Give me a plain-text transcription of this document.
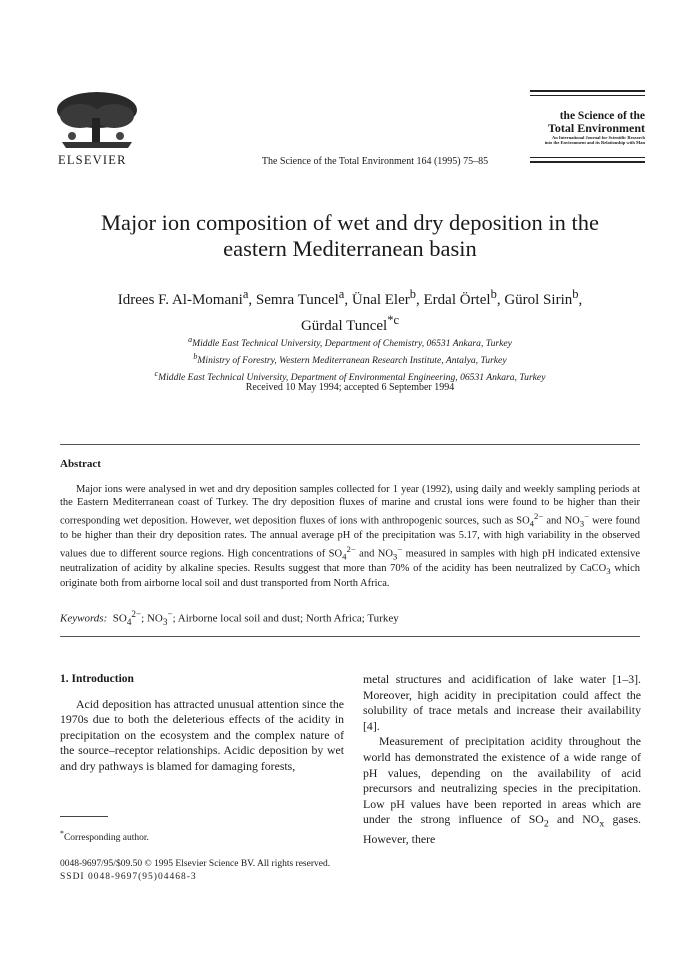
ELSEVIER	The Science of the Total Environment 164 (1995) 75–85
the Science of the
Total Environment
An International Journal for Scientific Research
into the Environment and its Relationship with Man
Major ion composition of wet and dry deposition in the eastern Mediterranean basin
Idrees F. Al-Momani$^a$, Semra Tuncel$^a$, Ünal Eler$^b$, Erdal Örtel$^b$, Gürol Sirin$^b$,
Gürdal Tuncel$^{*c}$
$^a$Middle East Technical University, Department of Chemistry, 06531 Ankara, Turkey
$^b$Ministry of Forestry, Western Mediterranean Research Institute, Antalya, Turkey
$^c$Middle East Technical University, Department of Environmental Engineering, 06531 Ankara, Turkey
Received 10 May 1994; accepted 6 September 1994
Abstract
Major ions were analysed in wet and dry deposition samples collected for 1 year (1992), using daily and weekly sampling periods at the Eastern Mediterranean coast of Turkey. The dry deposition fluxes of marine and crustal ions were found to be higher than their corresponding wet deposition. However, wet deposition fluxes of ions with anthropogenic sources, such as $SO_4^{2-}$ and $NO_3^-$ were found to be higher than their dry deposition rates. The annual average pH of the precipitation was 5.17, with high variability in the observed values due to different source regions. High concentrations of $SO_4^{2-}$ and $NO_3^-$ measured in samples with high pH indicated extensive neutralization of acidity by alkaline species. Results suggest that more than 70% of the acidity has been neutralized by CaCO$_3$ which originate both from airborne local soil and dust transported from North Africa.
Keywords: $SO_4^{2-}$; $NO_3^-$; Airborne local soil and dust; North Africa; Turkey
1. Introduction
Acid deposition has attracted unusual attention since the 1970s due to both the deleterious effects of the acidity in precipitation on the ecosystem and the complex nature of the source–receptor relationships. Acidic deposition by wet and dry pathways is blamed for damaging forests,
metal structures and acidification of lake water [1–3]. Moreover, high acidity in precipitation could affect the solubility of trace metals and increase their availability [4].
Measurement of precipitation acidity throughout the world has demonstrated the existence of a wide range of pH values, depending on the availability of acid precursors and neutralizing species in the precipitation. Low pH values have been reported in areas which are under the strong influence of $SO_2$ and $NO_x$ gases. However, there
*Corresponding author.
0048-9697/95/$09.50 © 1995 Elsevier Science BV. All rights reserved.
SSDI 0048-9697(95)04468-3
